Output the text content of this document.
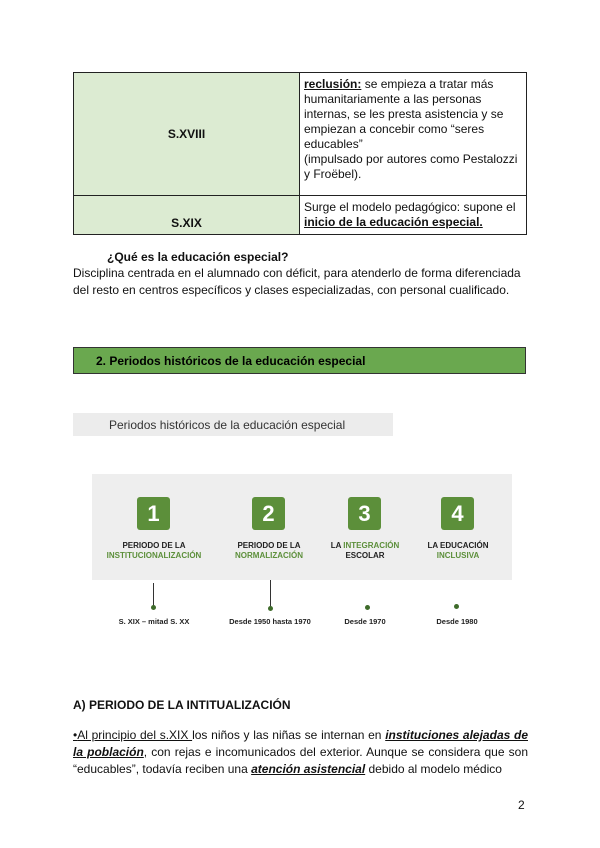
S.XVIII	reclusión: se empieza a tratar más humanitariamente a las personas internas, se les presta asistencia y se empiezan a concebir como “seres educables”
(impulsado por autores como Pestalozzi y Froëbel).

S.XIX	Surge el modelo pedagógico: supone el inicio de la educación especial.
¿Qué es la educación especial?
Disciplina centrada en el alumnado con déficit, para atenderlo de forma diferenciada del resto en centros específicos y clases especializadas, con personal cualificado.
2. Periodos históricos de la educación especial
Periodos históricos de la educación especial
1
PERIODO DE LA
INSTITUCIONALIZACIÓN
2
PERIODO DE LA
NORMALIZACIÓN
3
LA INTEGRACIÓN
ESCOLAR
4
LA EDUCACIÓN
INCLUSIVA
S. XIX – mitad S. XX	Desde 1950 hasta 1970	Desde 1970	Desde 1980
A) PERIODO DE LA INTITUALIZACIÓN
•Al principio del s.XIX los niños y las niñas se internan en instituciones alejadas de la población, con rejas e incomunicados del exterior. Aunque se considera que son “educables”, todavía reciben una atención asistencial debido al modelo médico
2
